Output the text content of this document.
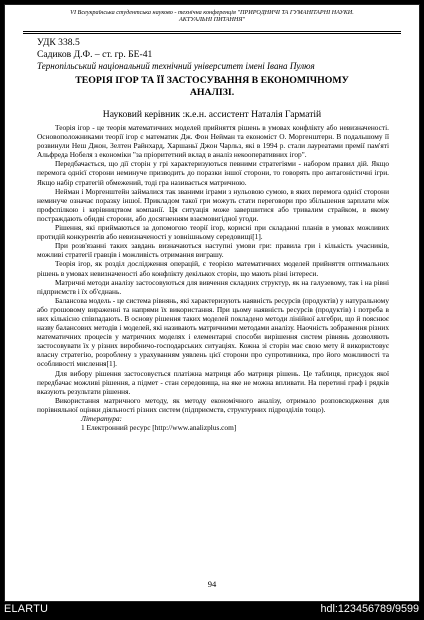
VI Всеукраїнська студентська науково - технічна конференція "ПРИРОДНИЧІ ТА ГУМАНІТАРНІ НАУКИ.
АКТУАЛЬНІ ПИТАННЯ"
УДК 338.5
Садиков Д.Ф. – ст. гр. БЕ-41
Тернопільський національний технічний університет імені Івана Пулюя
ТЕОРІЯ ІГОР ТА ЇЇ ЗАСТОСУВАННЯ В ЕКОНОМІЧНОМУ АНАЛІЗІ.
Науковий керівник :к.е.н. ассистент Наталія Гарматій

Теорія ігор - це теорія математичних моделей прийняття рішень в умовах конфлікту або невизначеності. Основоположниками теорії ігор є математик Дж. Фон Нейман та економіст О. Моргенштерн. В подальшому її розвинули Неш Джон, Зелтен Райнхард, Харшаньї Джон Чарльз, які в 1994 р. стали лауреатами премії пам'яті Альфреда Нобеля з економіки "за пріоритетний вклад в аналіз некооперативних ігор".

Передбачається, що дії сторін у грі характеризуються певними стратегіями - набором правил дій. Якщо перемога однієї сторони неминуче призводить до поразки іншої сторони, то говорять про антагоністичні ігри. Якщо набір стратегій обмежений, тоді гра називається матричною.

Нейман і Моргенштейн займалися так званими іграми з нульовою сумою, в яких перемога однієї сторони неминуче означає поразку іншої. Прикладом такої гри можуть стати переговори про збільшення зарплати між профспілкою і керівництвом компанії. Ця ситуація може завершитися або тривалим страйком, в якому постраждають обидві сторони, або досягненням взаємовигідної угоди.

Рішення, які приймаються за допомогою теорії ігор, корисні при складанні планів в умовах можливих протидій конкурентів або невизначеності у зовнішньому середовищі[1].

При розв'язанні таких завдань визначаються наступні умови гри: правила гри і кількість учасників, можливі стратегії гравців і можливість отримання виграшу.

Теорія ігор, як розділ дослідження операцій, є теорією математичних моделей прийняття оптимальних рішень в умовах невизначеності або конфлікту декількох сторін, що мають різні інтереси.

Матричні методи аналізу застосовуються для вивчення складних структур, як на галузевому, так і на рівні підприємств і їх об'єднань.

Балансова модель - це система рівнянь, які характеризують наявність ресурсів (продуктів) у натуральному або грошовому вираженні та напрями їх використання. При цьому наявність ресурсів (продуктів) і потреба в них кількісно співпадають. В основу рішення таких моделей покладено методи лінійної алгебри, що й пояснює назву балансових методів і моделей, які називають матричними методами аналізу. Наочність зображення різних математичних процесів у матричних моделях і елементарні способи вирішення систем рівнянь дозволяють застосовувати їх у різних виробничо-господарських ситуаціях. Кожна зі сторін має свою мету й використовує власну стратегію, розроблену з урахуванням уявлень цієї сторони про супротивника, про його можливості та особливості мислення[1].

Для вибору рішення застосовується платіжна матриця або матриця рішень. Це таблиця, присудок якої передбачає можливі рішення, а підмет - стан середовища, на яке не можна впливати. На перетині граф і рядків вказують результати рішення.

Використання матричного методу, як методу економічного аналізу, отримало розповсюдження для порівняльної оцінки діяльності різних систем (підприємств, структурних підрозділів тощо).

Література:

1 Електронний ресурс [http://www.analizplus.com]

94
ELARTU	hdl:123456789/9599
